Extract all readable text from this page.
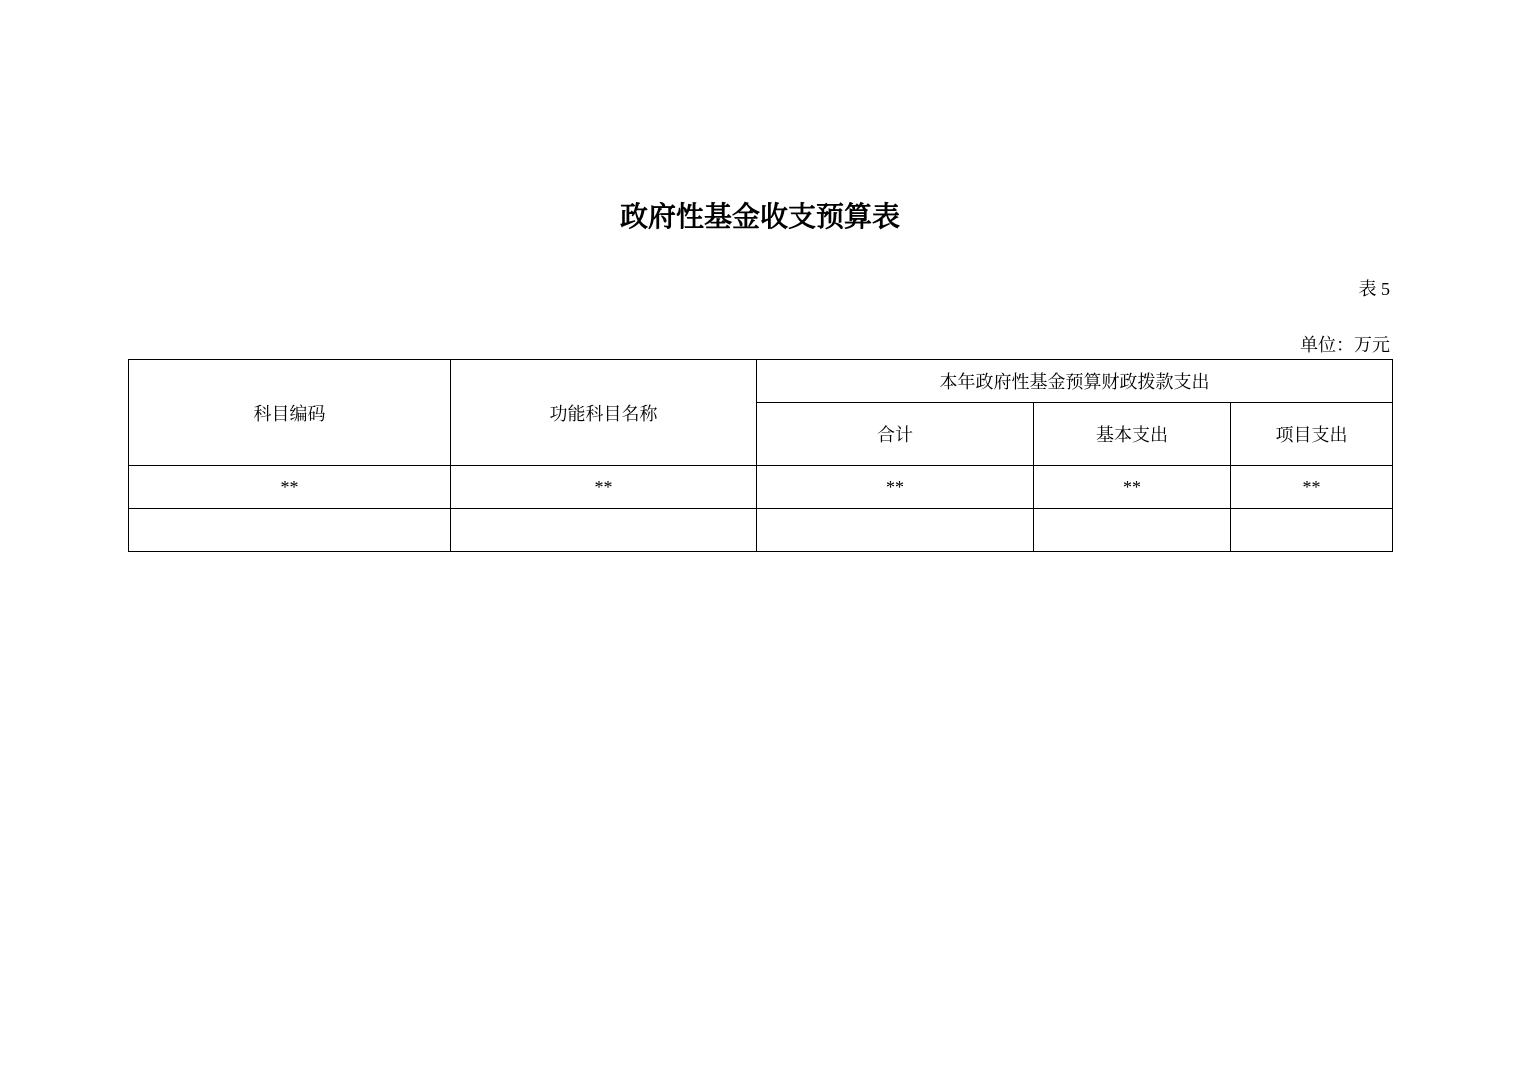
政府性基金收支预算表
表 5
单位：万元
科目编码	功能科目名称	本年政府性基金预算财政拨款支出		
		合计	基本支出	项目支出
**	**	**	**	**
